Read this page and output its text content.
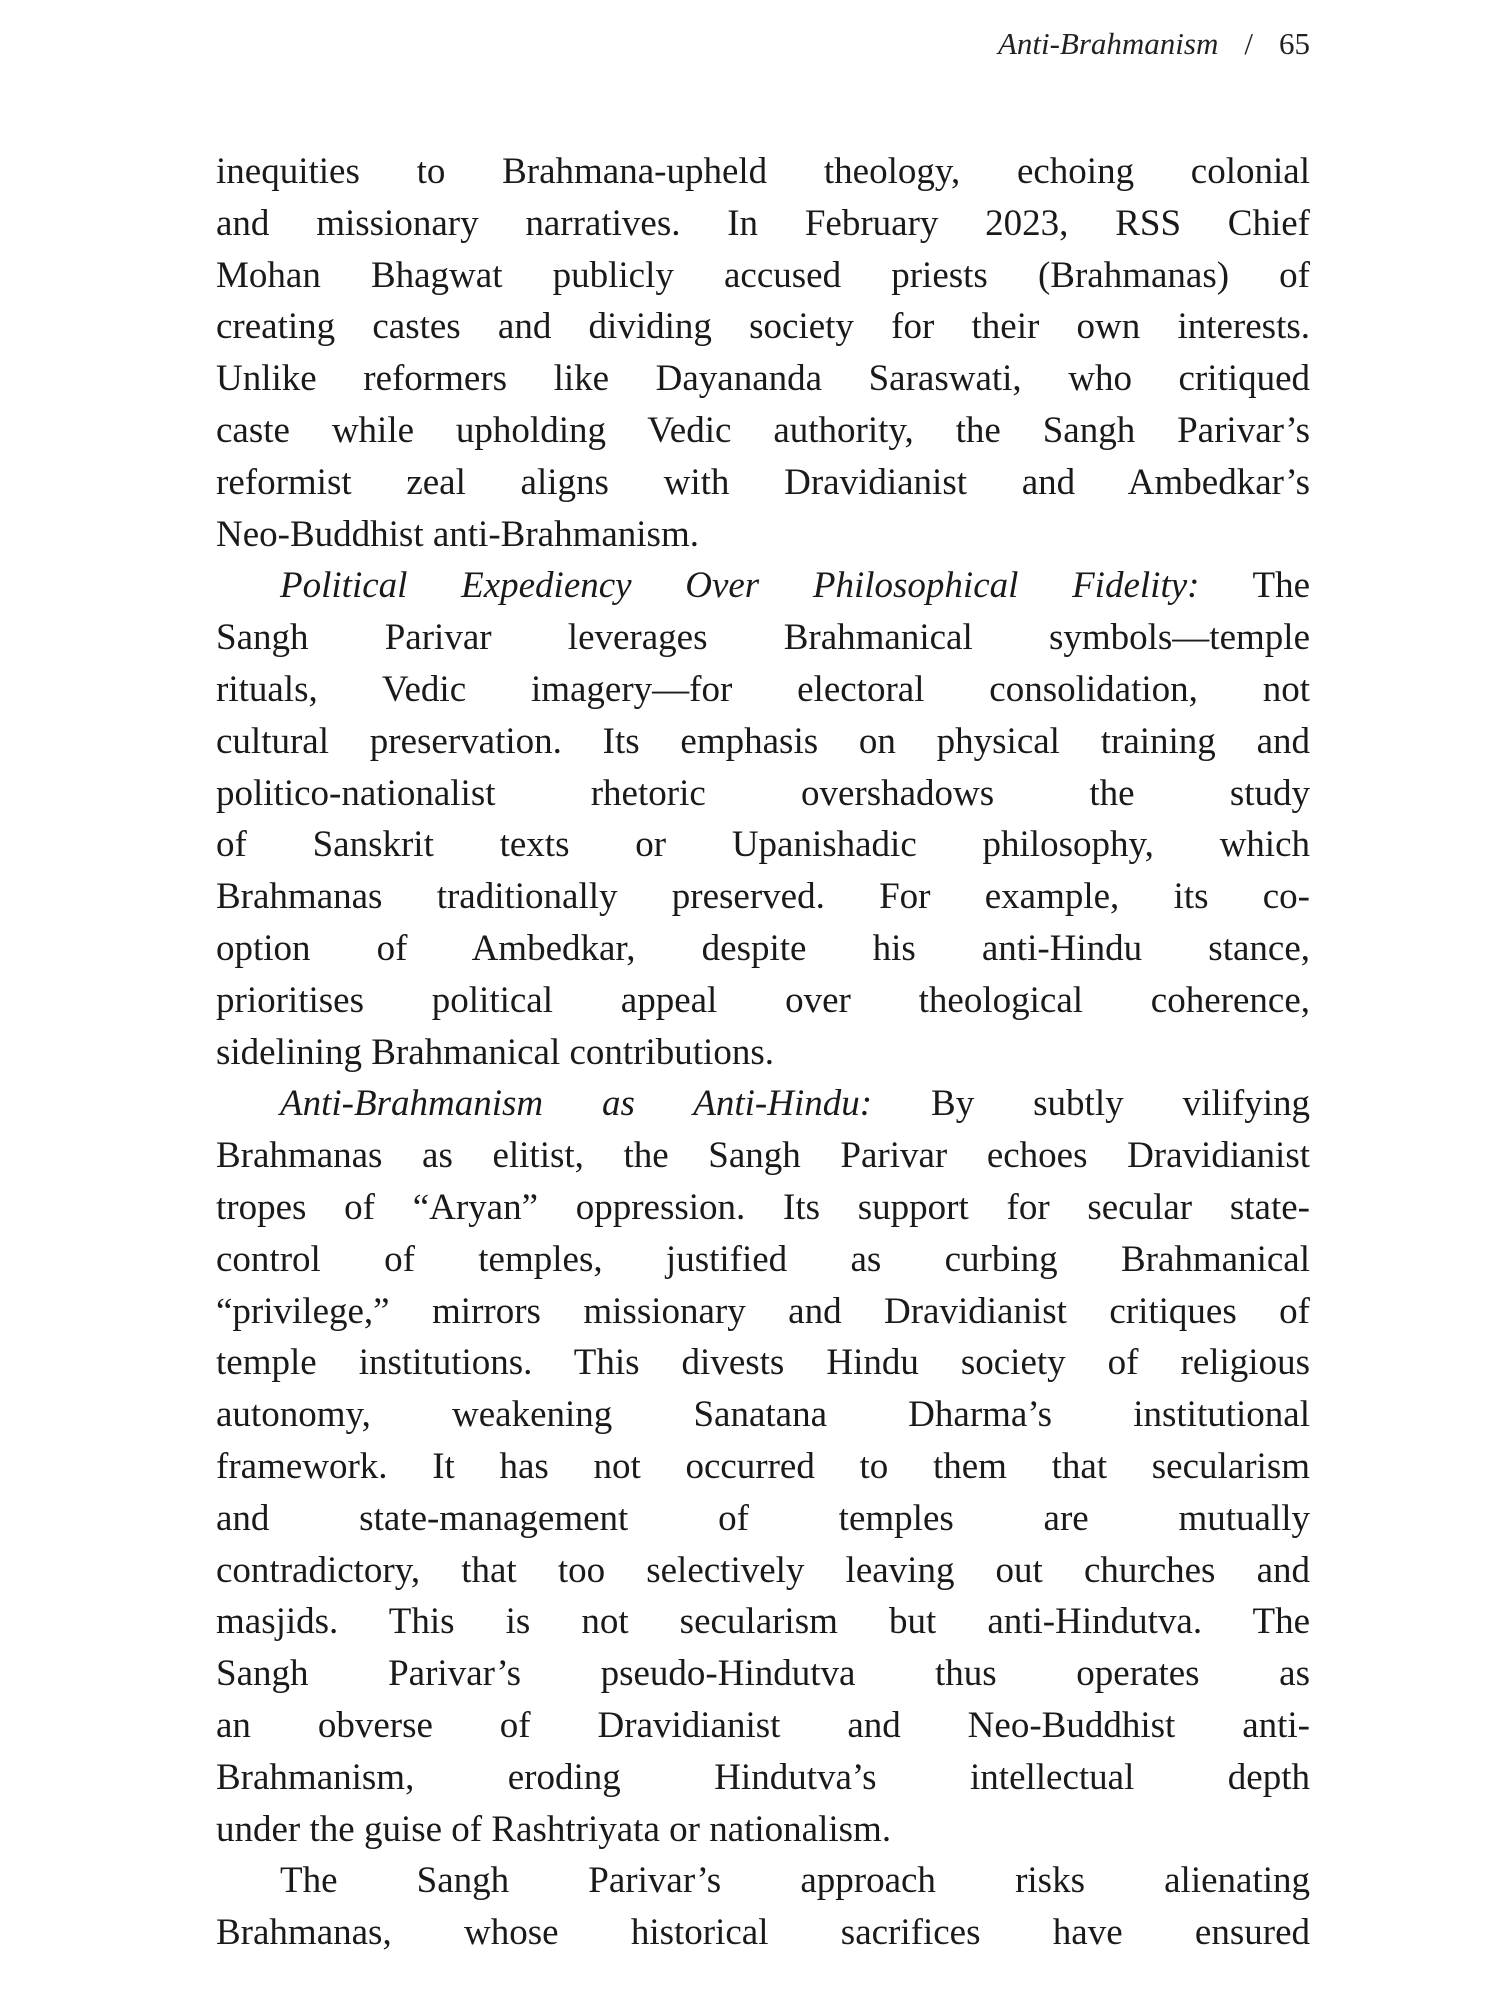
Anti-Brahmanism / 65
inequities to Brahmana-upheld theology, echoing colonial
and missionary narratives. In February 2023, RSS Chief
Mohan Bhagwat publicly accused priests (Brahmanas) of
creating castes and dividing society for their own interests.
Unlike reformers like Dayananda Saraswati, who critiqued
caste while upholding Vedic authority, the Sangh Parivar’s
reformist zeal aligns with Dravidianist and Ambedkar’s
Neo-Buddhist anti-Brahmanism.
Political Expediency Over Philosophical Fidelity: The
Sangh Parivar leverages Brahmanical symbols—temple
rituals, Vedic imagery—for electoral consolidation, not
cultural preservation. Its emphasis on physical training and
politico-nationalist rhetoric overshadows the study
of Sanskrit texts or Upanishadic philosophy, which
Brahmanas traditionally preserved. For example, its co-
option of Ambedkar, despite his anti-Hindu stance,
prioritises political appeal over theological coherence,
sidelining Brahmanical contributions.
Anti-Brahmanism as Anti-Hindu: By subtly vilifying
Brahmanas as elitist, the Sangh Parivar echoes Dravidianist
tropes of “Aryan” oppression. Its support for secular state-
control of temples, justified as curbing Brahmanical
“privilege,” mirrors missionary and Dravidianist critiques of
temple institutions. This divests Hindu society of religious
autonomy, weakening Sanatana Dharma’s institutional
framework. It has not occurred to them that secularism
and state-management of temples are mutually
contradictory, that too selectively leaving out churches and
masjids. This is not secularism but anti-Hindutva. The
Sangh Parivar’s pseudo-Hindutva thus operates as
an obverse of Dravidianist and Neo-Buddhist anti-
Brahmanism, eroding Hindutva’s intellectual depth
under the guise of Rashtriyata or nationalism.
The Sangh Parivar’s approach risks alienating
Brahmanas, whose historical sacrifices have ensured
